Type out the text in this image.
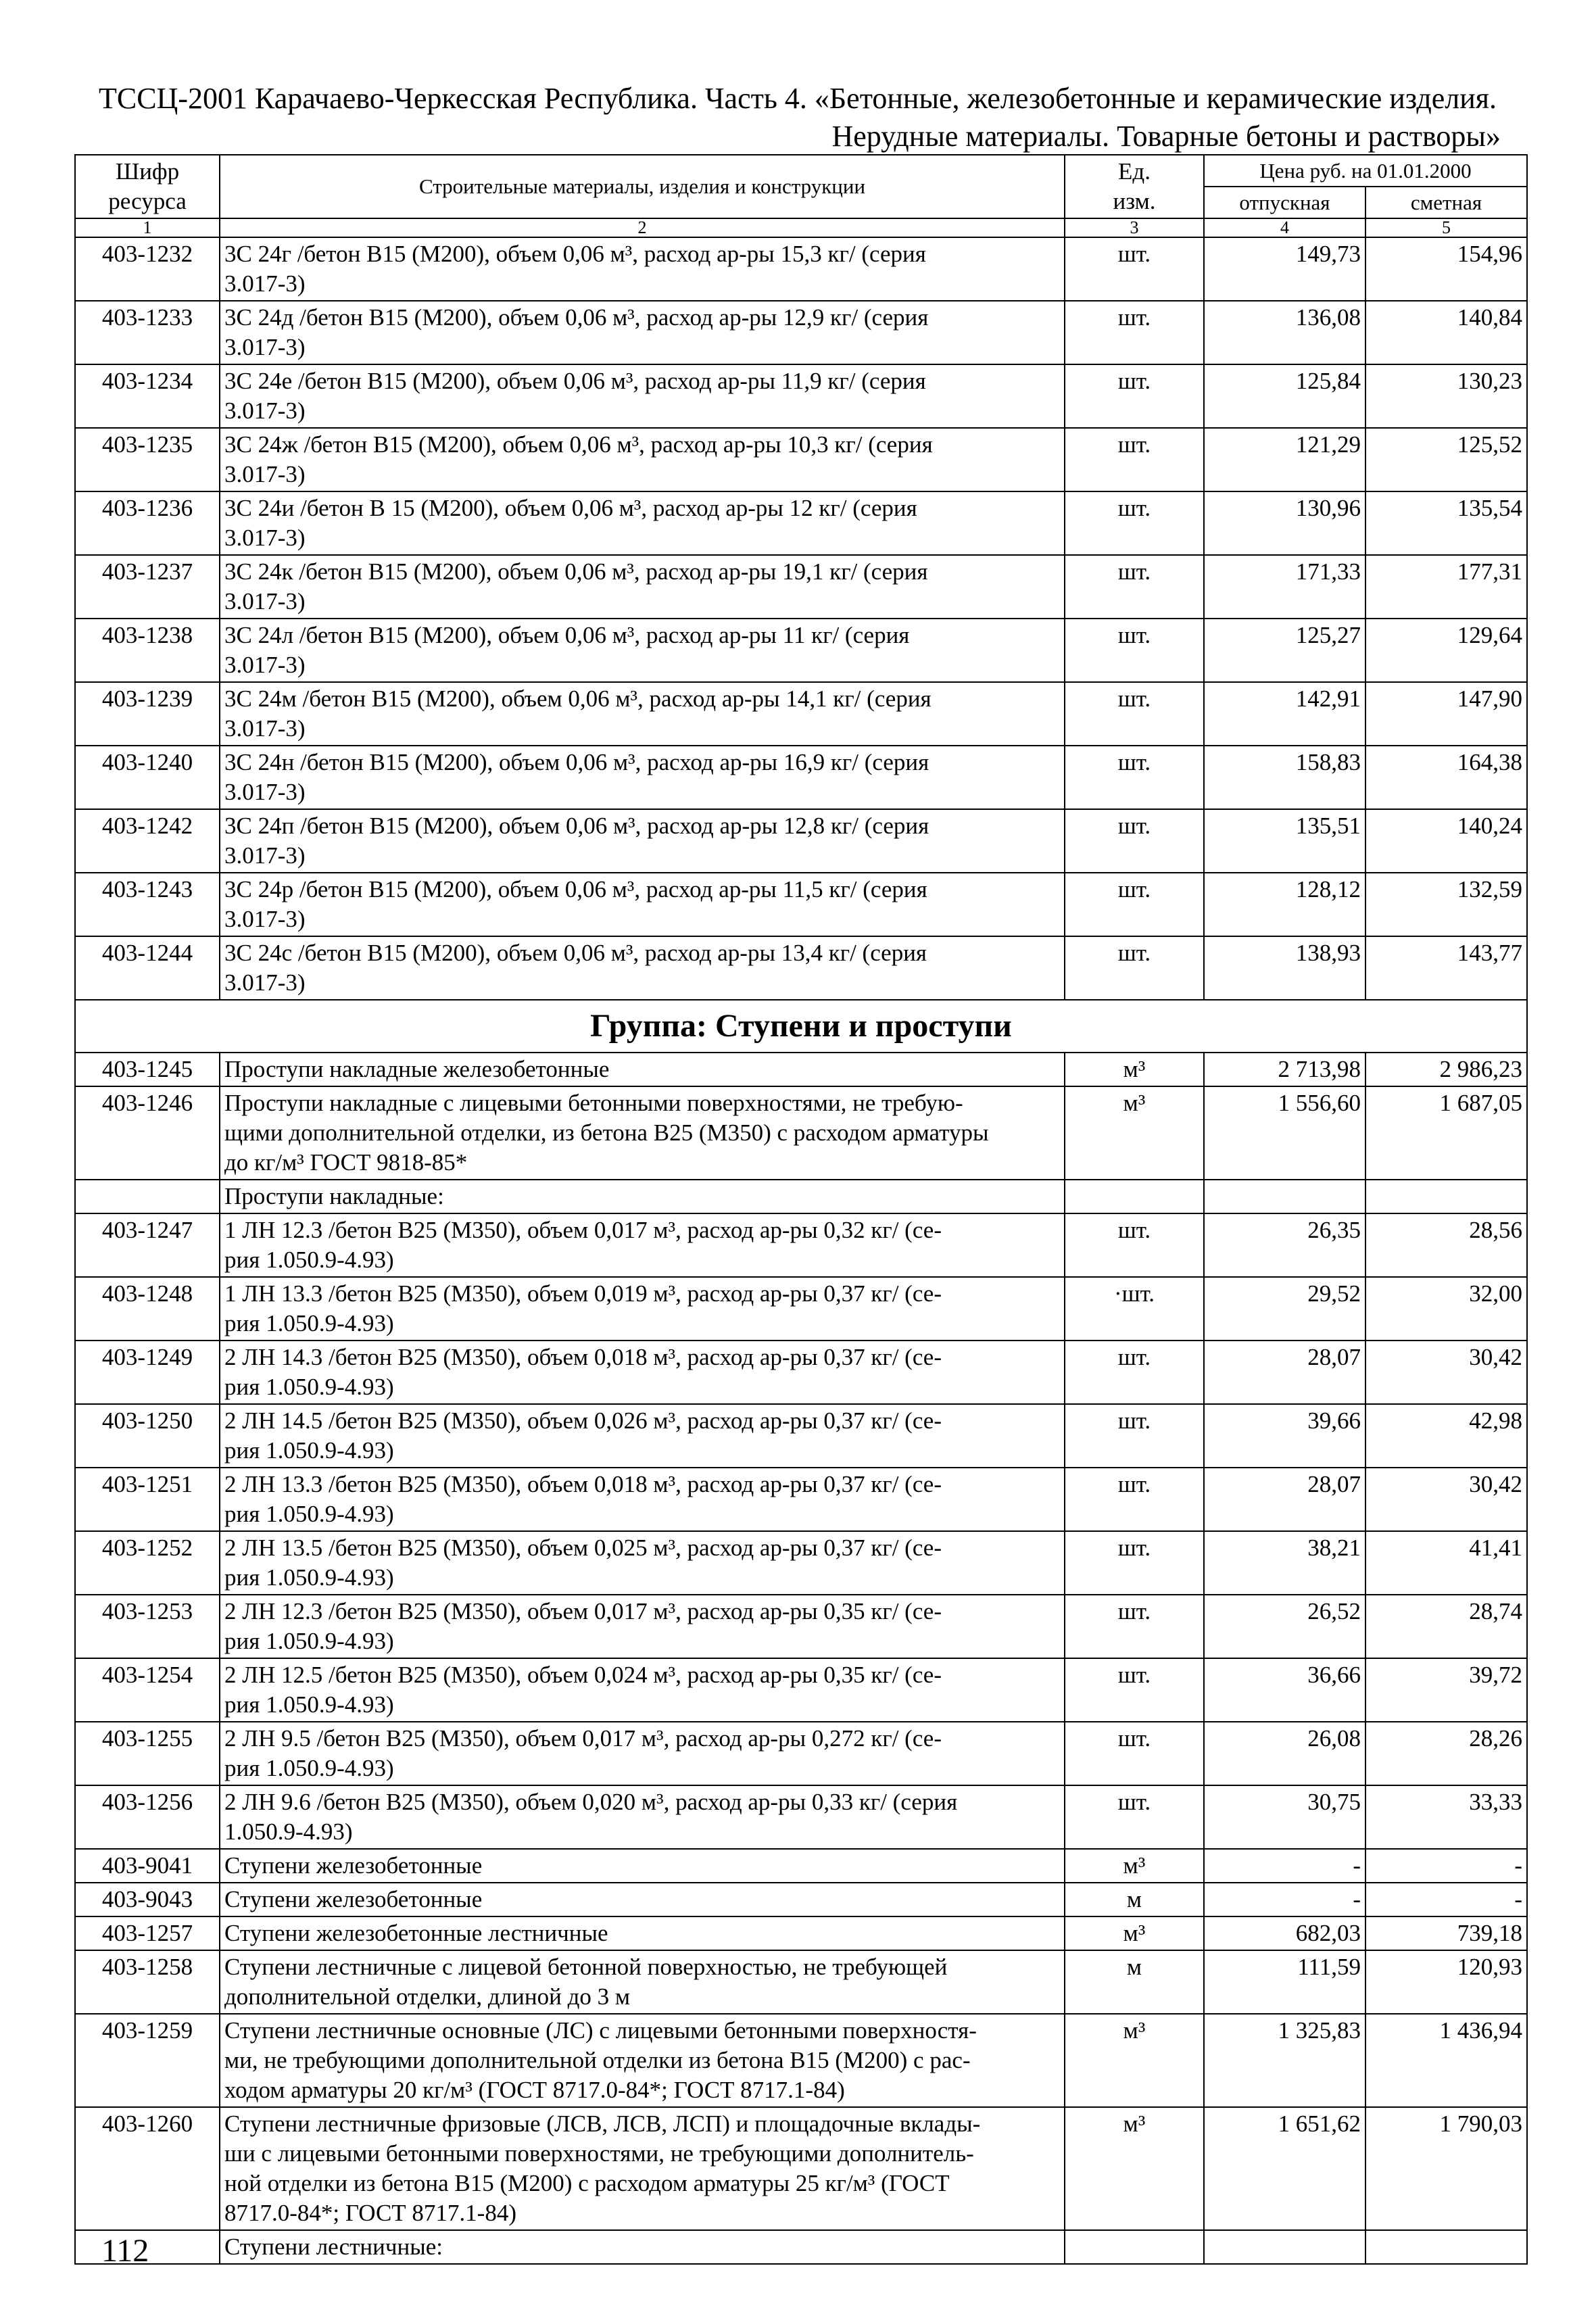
ТССЦ-2001 Карачаево-Черкесская Республика. Часть 4. «Бетонные, железобетонные и керамические изделия.
Нерудные материалы. Товарные бетоны и растворы»
Шифр
ресурса	Строительные материалы, изделия и конструкции	Ед.
изм.	Цена руб. на 01.01.2000	
			отпускная	сметная
1	2	3	4	5
403-1232	3С 24г /бетон В15 (М200), объем 0,06 м³, расход ар-ры 15,3 кг/ (серия
3.017-3)	шт.	149,73	154,96
403-1233	3С 24д /бетон В15 (М200), объем 0,06 м³, расход ар-ры 12,9 кг/ (серия
3.017-3)	шт.	136,08	140,84
403-1234	3С 24е /бетон В15 (М200), объем 0,06 м³, расход ар-ры 11,9 кг/ (серия
3.017-3)	шт.	125,84	130,23
403-1235	3С 24ж /бетон В15 (М200), объем 0,06 м³, расход ар-ры 10,3 кг/ (серия
3.017-3)	шт.	121,29	125,52
403-1236	3С 24и /бетон В 15 (М200), объем 0,06 м³, расход ар-ры 12 кг/ (серия
3.017-3)	шт.	130,96	135,54
403-1237	3С 24к /бетон В15 (М200), объем 0,06 м³, расход ар-ры 19,1 кг/ (серия
3.017-3)	шт.	171,33	177,31
403-1238	3С 24л /бетон В15 (М200), объем 0,06 м³, расход ар-ры 11 кг/ (серия
3.017-3)	шт.	125,27	129,64
403-1239	3С 24м /бетон В15 (М200), объем 0,06 м³, расход ар-ры 14,1 кг/ (серия
3.017-3)	шт.	142,91	147,90
403-1240	3С 24н /бетон В15 (М200), объем 0,06 м³, расход ар-ры 16,9 кг/ (серия
3.017-3)	шт.	158,83	164,38
403-1242	3С 24п /бетон В15 (М200), объем 0,06 м³, расход ар-ры 12,8 кг/ (серия
3.017-3)	шт.	135,51	140,24
403-1243	3С 24р /бетон В15 (М200), объем 0,06 м³, расход ар-ры 11,5 кг/ (серия
3.017-3)	шт.	128,12	132,59
403-1244	3С 24с /бетон В15 (М200), объем 0,06 м³, расход ар-ры 13,4 кг/ (серия
3.017-3)	шт.	138,93	143,77
Группа: Ступени и проступи				
403-1245	Проступи накладные железобетонные	м³	2 713,98	2 986,23
403-1246	Проступи накладные с лицевыми бетонными поверхностями, не требую-
щими дополнительной отделки, из бетона В25 (М350) с расходом арматуры
до кг/м³ ГОСТ 9818-85*	м³	1 556,60	1 687,05
	Проступи накладные:			
403-1247	1 ЛН 12.3 /бетон В25 (М350), объем 0,017 м³, расход ар-ры 0,32 кг/ (се-
рия 1.050.9-4.93)	шт.	26,35	28,56
403-1248	1 ЛН 13.3 /бетон В25 (М350), объем 0,019 м³, расход ар-ры 0,37 кг/ (се-
рия 1.050.9-4.93)	·шт.	29,52	32,00
403-1249	2 ЛН 14.3 /бетон В25 (М350), объем 0,018 м³, расход ар-ры 0,37 кг/ (се-
рия 1.050.9-4.93)	шт.	28,07	30,42
403-1250	2 ЛН 14.5 /бетон В25 (М350), объем 0,026 м³, расход ар-ры 0,37 кг/ (се-
рия 1.050.9-4.93)	шт.	39,66	42,98
403-1251	2 ЛН 13.3 /бетон В25 (М350), объем 0,018 м³, расход ар-ры 0,37 кг/ (се-
рия 1.050.9-4.93)	шт.	28,07	30,42
403-1252	2 ЛН 13.5 /бетон В25 (М350), объем 0,025 м³, расход ар-ры 0,37 кг/ (се-
рия 1.050.9-4.93)	шт.	38,21	41,41
403-1253	2 ЛН 12.3 /бетон В25 (М350), объем 0,017 м³, расход ар-ры 0,35 кг/ (се-
рия 1.050.9-4.93)	шт.	26,52	28,74
403-1254	2 ЛН 12.5 /бетон В25 (М350), объем 0,024 м³, расход ар-ры 0,35 кг/ (се-
рия 1.050.9-4.93)	шт.	36,66	39,72
403-1255	2 ЛН 9.5 /бетон В25 (М350), объем 0,017 м³, расход ар-ры 0,272 кг/ (се-
рия 1.050.9-4.93)	шт.	26,08	28,26
403-1256	2 ЛН 9.6 /бетон В25 (М350), объем 0,020 м³, расход ар-ры 0,33 кг/ (серия
1.050.9-4.93)	шт.	30,75	33,33
403-9041	Ступени железобетонные	м³	-	-
403-9043	Ступени железобетонные	м	-	-
403-1257	Ступени железобетонные лестничные	м³	682,03	739,18
403-1258	Ступени лестничные с лицевой бетонной поверхностью, не требующей
дополнительной отделки, длиной до 3 м	м	111,59	120,93
403-1259	Ступени лестничные основные (ЛС) с лицевыми бетонными поверхностя-
ми, не требующими дополнительной отделки из бетона В15 (М200) с рас-
ходом арматуры 20 кг/м³ (ГОСТ 8717.0-84*; ГОСТ 8717.1-84)	м³	1 325,83	1 436,94
403-1260	Ступени лестничные фризовые (ЛСВ, ЛСВ, ЛСП) и площадочные вклады-
ши с лицевыми бетонными поверхностями, не требующими дополнитель-
ной отделки из бетона В15 (М200) с расходом арматуры 25 кг/м³ (ГОСТ
8717.0-84*; ГОСТ 8717.1-84)	м³	1 651,62	1 790,03
	Ступени лестничные:			
112
